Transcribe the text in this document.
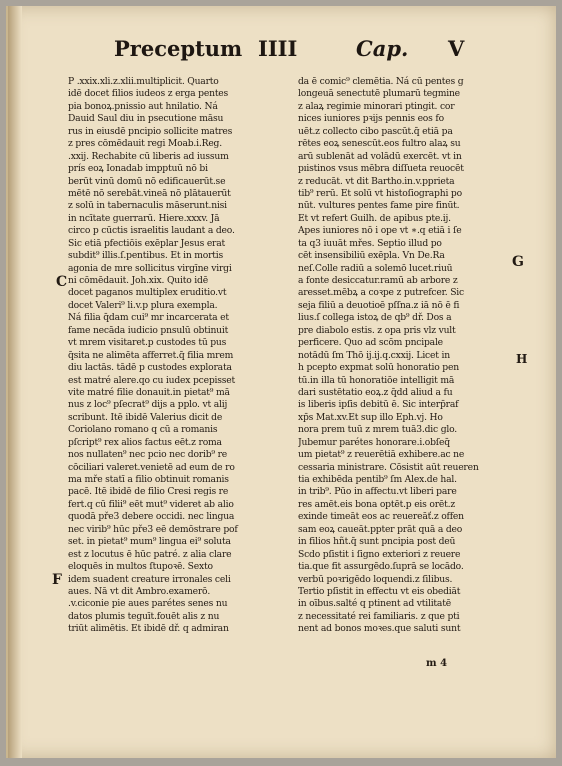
Preceptum IIII	Cap. V
P .xxix.xli.z.xlii.multiplicit. Quarto
idē docet filios iudeos z erga pentes
pia bonoꝝ.pnissio aut hnilatio. Ná
Dauid Saul diu in psecutione māsu
rus in eiusdē pncipio sollicite matres
z pres cōmēdauit regi Moab.i.Reg.
.xxij. Rechabite cū liberis ad iussum
prís eoꝝ Ionadab impptuū nō bi
berūt vinū domū nō edificauerūt.se
mētē nō serebāt.vineā nō plātauerūt
z solū in tabernaculis māserunt.nisi
in ncītate guerrarū. Hiere.xxxv. Jā
circo p cūctis israelitis laudant a deo.
Sic etiā pfectiōis exēplar Jesus erat
subdit⁹ illis.ſ.pentibus. Et in mortis
agonia de mre sollicitus virgīne virgi
ni cōmēdauit. Joh.xix. Quito idē
docet paganos multiplex eruditio.vt
docet Valeri⁹ li.v.p plura exempla.
Ná filia q̄dam cui⁹ mr incarcerata et
fame necāda iudicio pnsulū obtinuit
vt mrem visitaret.p custodes tū pus
q̄sita ne alimēta afferret.q̄ filia mrem
diu lactās. tādē p custodes explorata
est matré alere.qo cu iudex pcepisset
vite matré filie donauit.in pietat⁹ mā
nus z loc⁹ pſecrat⁹ dijs a pplo. vt alij
scribunt. Itē ibidē Valerius dicit de
Coriolano romano q cū a romanis
pſcript⁹ rex alios factus eēt.z roma
nos nullaten⁹ nec pcio nec dorib⁹ re
cōciliari valeret.venietē ad eum de ro
ma mře statī a filio obtinuit romanis
pacē. Itē ibidē de filio Cresi regis re
fert.q cū filii⁹ eēt mut⁹ videret ab alio
quodā pře3 debere occidi. nec lingua
nec virib⁹ hūc pře3 eē demōstrare pof
set. in pietat⁹ mum⁹ lingua ei⁹ soluta
est z locutus ē hūc patré. z alia clare
eloquēs in multos ſtupoꝛē. Sexto
idem suadent creature irronales celi
aues. Nā vt dit Ambro.examerō.
.v.ciconie pie aues parétes senes nu
datos plumis teguīt.fouēt alis z nu
triūt alimētis. Et ibidē dř. q admiran
da ē comic⁹ clemētia. Ná cū pentes g
longeuā senectutē plumarū tegmine
z alaꝝ regimie minorari ptingit. cor
nices iuniores pꝛijs pennis eos fo
uēt.z collecto cibo pascūt.q̄ etiā pa
rētes eoꝝ senescūt.eos fultro alaꝝ su
arū sublenāt ad volādū exercēt. vt in
pıistinos vsus mēbra diſſueta reuocēt
z reducāt. vt dit Bartho.in.v.pprieta
tib⁹ rerū. Et solū vt histoſiographi po
nūt. vultures pentes fame pire finūt.
Et vt refert Guilh. de apibus pte.ij.
Apes iuniores nō i ope vt ∗.q etiā i ſe
ta q3 iuuāt mřes. Septio illud po
cēt insensibiliū exēpla. Vn De.Ra
neſ.Colle radiū a solemō lucet.riuū
a fonte desiccatur.ramū ab arbore z
aresset.mēbꝝ a coꝛpe z putrefcer. Sic
seja filiū a deuotioē pſſna.z iā nō ē fi
lius.ſ collega istoꝝ de qb⁹ dř. Dos a
pre diabolo estis. z opa pris vlz vult
perficere. Quo ad scōm pncipale
notādū ſm Thō ij.ij.q.cxxij. Licet in
h pcepto expmat solū honoratio pen
tū.in illa tū honoratiōe intelligit mā
dari sustētatio eoꝝ.z q̄dd aliud a fu
is liberis ipſis debitū ē. Sic interp̄raf
xp̄s Mat.xv.Et sup illo Eph.vj. Ho
nora prem tuū z mrem tuā3.dic glo.
Jubemur parétes honorare.i.obſeq̄
um pietat⁹ z reuerētiā exhibere.ac ne
cessaria ministrare. Cōsistit aūt reueren
tia exhibēda pentib⁹ ſm Alex.de hal.
in trib⁹. Pūo in affectu.vt liberi pare
res amēt.eis bona optēt.p eis orēt.z
exinde timeāt eos ac reuereāť.z offen
sam eoꝝ caueāt.ppter prāt̄ quā a deo
in filios hñt.q̄ sunt pncipia post deū
Scdo pſistit i ſigno exteriori z reuere
tia.que fit assurgēdo.ſuprā se locādo.
verbū poꝛrigēdo loquendi.z ſilibus.
Tertio pſistit in effectu vt eis obediāt
in oībus.salté q ptinent ad vtilitatē
z necessitaté rei familiaris. z que pti
nent ad bonos moꝛes.que saluti sunt
C
F
G
H
m 4
